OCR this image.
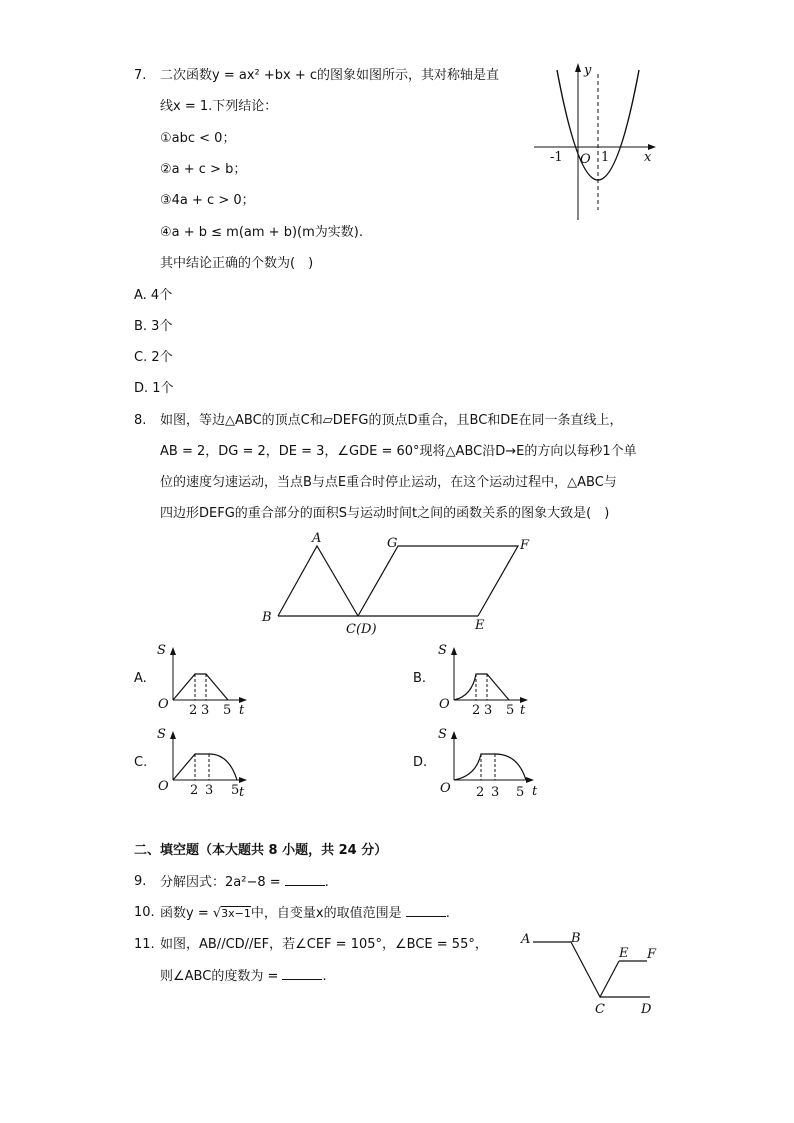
7. 二次函数y = ax² +bx + c的图象如图所示，其对称轴是直
线x = 1.下列结论：
①abc < 0；
②a + c > b；
③4a + c > 0；
④a + b ≤ m(am + b)(m为实数).
其中结论正确的个数为(　)
A. 4个
B. 3个
C. 2个
D. 1个
y
x
O
-1	1
8. 如图，等边△ABC的顶点C和▱DEFG的顶点D重合，且BC和DE在同一条直线上，
AB = 2，DG = 2，DE = 3，∠GDE = 60°现将△ABC沿D→E的方向以每秒1个单
位的速度匀速运动，当点B与点E重合时停止运动，在这个运动过程中，△ABC与
四边形DEFG的重合部分的面积S与运动时间t之间的函数关系的图象大致是(　)
A
B
C(D)	E
F
G
A.
S
O 2 3 5 t
B.
S
O 2 3 5 t
C.
S
O 2 3 5 t
D.
S
O 2 3 5 t
二、填空题（本大题共 8 小题，共 24 分）
9. 分解因式：2a²−8 =	.
10. 函数y = √3x−1中，自变量x的取值范围是	.
11. 如图，AB//CD//EF，若∠CEF = 105°，∠BCE = 55°，
则∠ABC的度数为 =	.
A	B
C	D
E F
